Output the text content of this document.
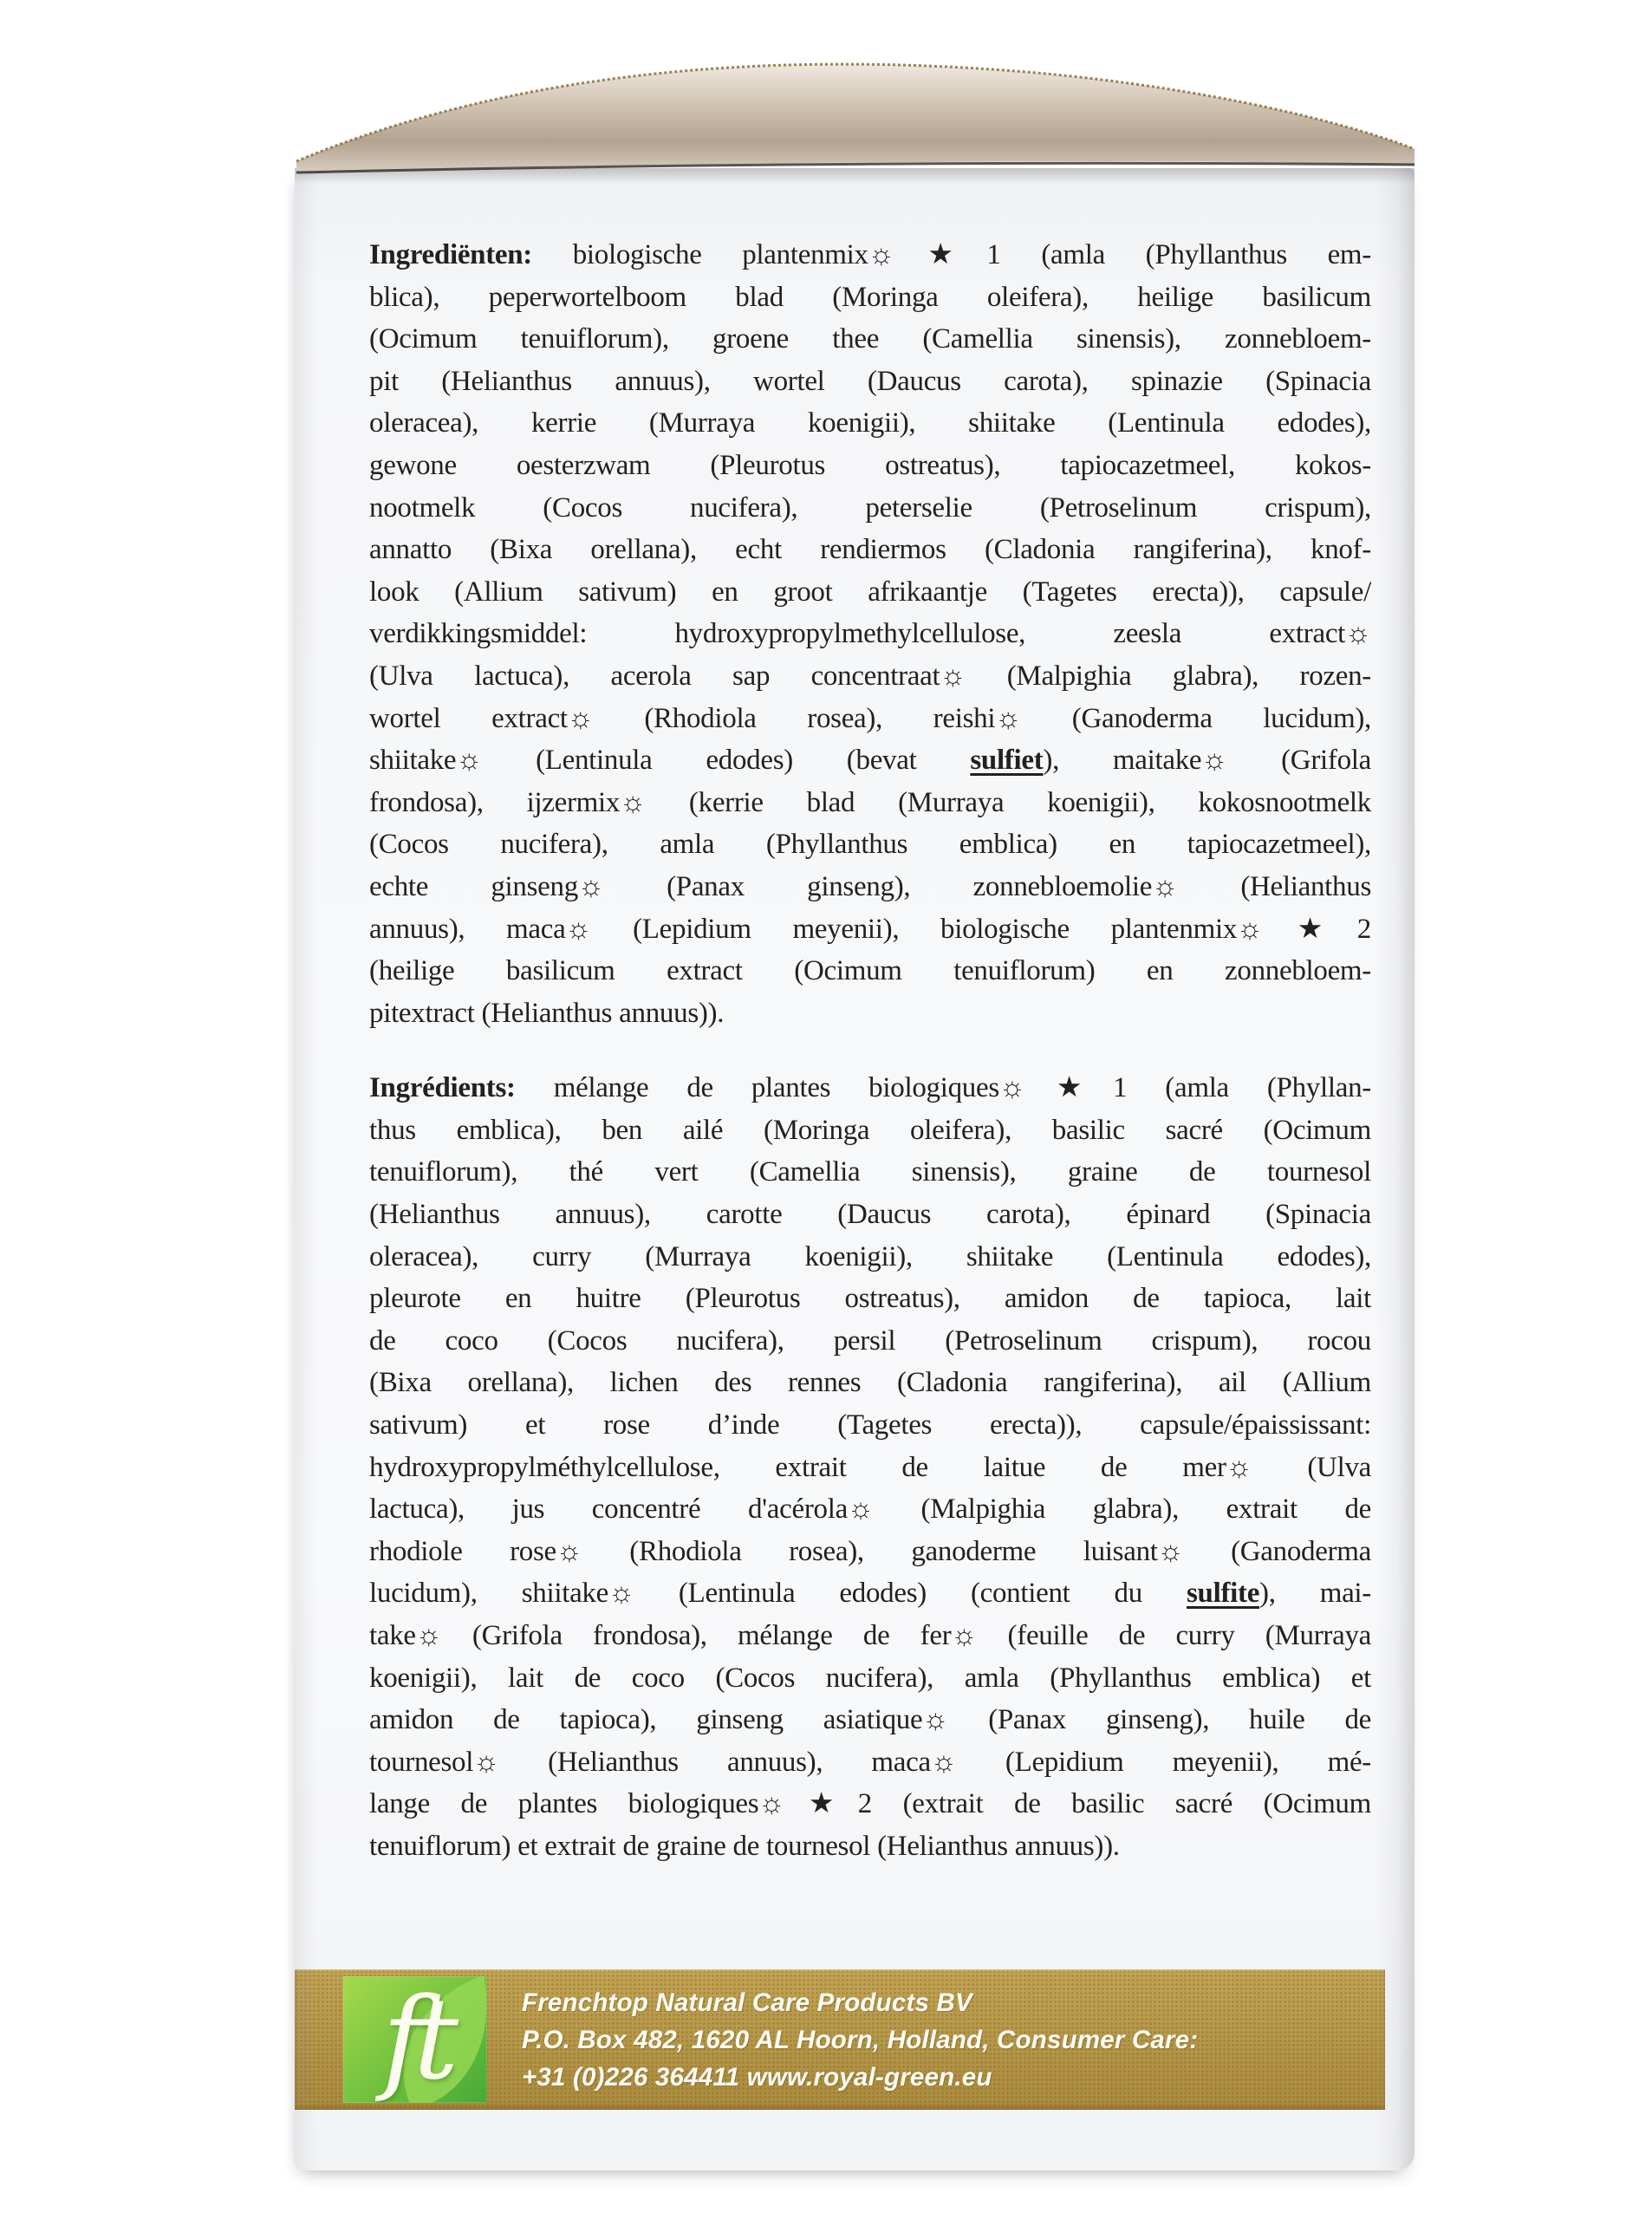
Ingrediënten: biologische plantenmix☼★1 (amla (Phyllanthus em-
blica), peperwortelboom blad (Moringa oleifera), heilige basilicum
(Ocimum tenuiflorum), groene thee (Camellia sinensis), zonnebloem-
pit (Helianthus annuus), wortel (Daucus carota), spinazie (Spinacia
oleracea), kerrie (Murraya koenigii), shiitake (Lentinula edodes),
gewone oesterzwam (Pleurotus ostreatus), tapiocazetmeel, kokos-
nootmelk (Cocos nucifera), peterselie (Petroselinum crispum),
annatto (Bixa orellana), echt rendiermos (Cladonia rangiferina), knof-
look (Allium sativum) en groot afrikaantje (Tagetes erecta)), capsule/
verdikkingsmiddel: hydroxypropylmethylcellulose, zeesla extract☼
(Ulva lactuca), acerola sap concentraat☼ (Malpighia glabra), rozen-
wortel extract☼ (Rhodiola rosea), reishi☼ (Ganoderma lucidum),
shiitake☼ (Lentinula edodes) (bevat sulfiet), maitake☼ (Grifola
frondosa), ijzermix☼ (kerrie blad (Murraya koenigii), kokosnootmelk
(Cocos nucifera), amla (Phyllanthus emblica) en tapiocazetmeel),
echte ginseng☼ (Panax ginseng), zonnebloemolie☼ (Helianthus
annuus), maca☼ (Lepidium meyenii), biologische plantenmix☼★2
(heilige basilicum extract (Ocimum tenuiflorum) en zonnebloem-
pitextract (Helianthus annuus)).
Ingrédients: mélange de plantes biologiques☼★1 (amla (Phyllan-
thus emblica), ben ailé (Moringa oleifera), basilic sacré (Ocimum
tenuiflorum), thé vert (Camellia sinensis), graine de tournesol
(Helianthus annuus), carotte (Daucus carota), épinard (Spinacia
oleracea), curry (Murraya koenigii), shiitake (Lentinula edodes),
pleurote en huitre (Pleurotus ostreatus), amidon de tapioca, lait
de coco (Cocos nucifera), persil (Petroselinum crispum), rocou
(Bixa orellana), lichen des rennes (Cladonia rangiferina), ail (Allium
sativum) et rose d’inde (Tagetes erecta)), capsule/épaississant:
hydroxypropylméthylcellulose, extrait de laitue de mer☼ (Ulva
lactuca), jus concentré d'acérola☼ (Malpighia glabra), extrait de
rhodiole rose☼ (Rhodiola rosea), ganoderme luisant☼ (Ganoderma
lucidum), shiitake☼ (Lentinula edodes) (contient du sulfite), mai-
take☼ (Grifola frondosa), mélange de fer☼ (feuille de curry (Murraya
koenigii), lait de coco (Cocos nucifera), amla (Phyllanthus emblica) et
amidon de tapioca), ginseng asiatique☼ (Panax ginseng), huile de
tournesol☼ (Helianthus annuus), maca☼ (Lepidium meyenii), mé-
lange de plantes biologiques☼★2 (extrait de basilic sacré (Ocimum
tenuiflorum) et extrait de graine de tournesol (Helianthus annuus)).
ft	Frenchtop Natural Care Products BV
P.O. Box 482, 1620 AL Hoorn, Holland, Consumer Care:
+31 (0)226 364411 www.royal-green.eu
